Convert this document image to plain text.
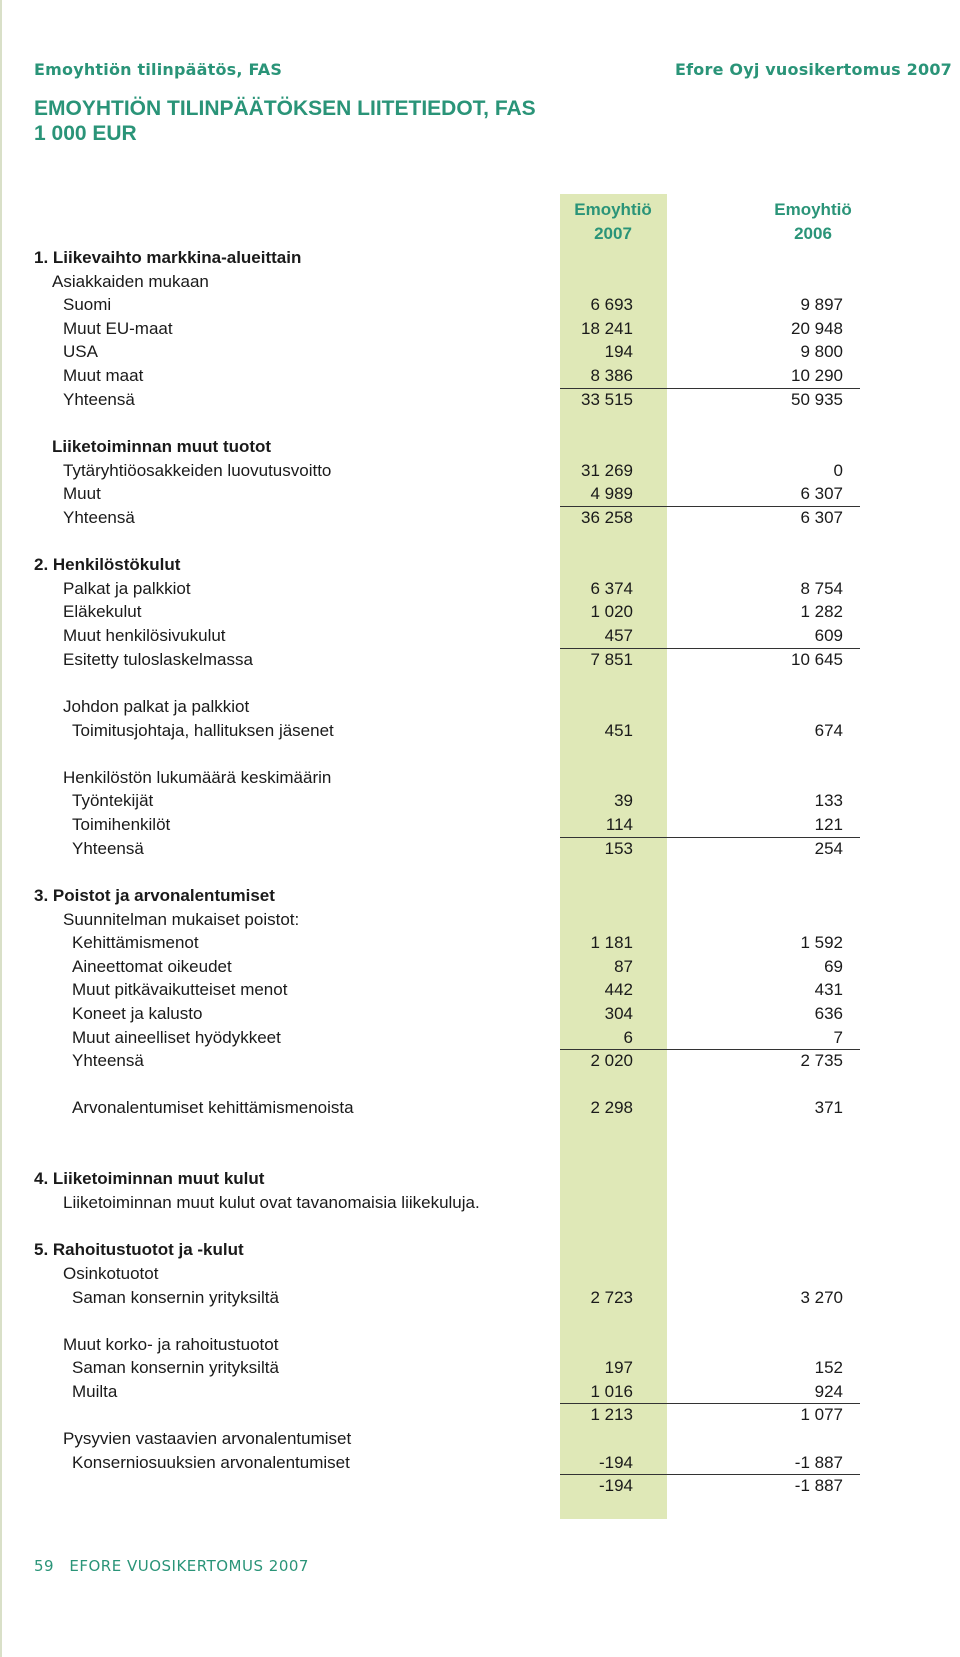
Emoyhtiön tilinpäätös, FAS	Efore Oyj vuosikertomus 2007
EMOYHTIÖN TILINPÄÄTÖKSEN LIITETIEDOT, FAS
1 000 EUR
Emoyhtiö
2007
Emoyhtiö
2006
1. Liikevaihto markkina-alueittain
Asiakkaiden mukaan
Suomi	6 693	9 897
Muut EU-maat	18 241	20 948
USA	194	9 800
Muut maat	8 386	10 290
Yhteensä	33 515	50 935
Liiketoiminnan muut tuotot
Tytäryhtiöosakkeiden luovutusvoitto	31 269	0
Muut	4 989	6 307
Yhteensä	36 258	6 307
2. Henkilöstökulut
Palkat ja palkkiot	6 374	8 754
Eläkekulut	1 020	1 282
Muut henkilösivukulut	457	609
Esitetty tuloslaskelmassa	7 851	10 645
Johdon palkat ja palkkiot
Toimitusjohtaja, hallituksen jäsenet	451	674
Henkilöstön lukumäärä keskimäärin
Työntekijät	39	133
Toimihenkilöt	114	121
Yhteensä	153	254
3. Poistot ja arvonalentumiset
Suunnitelman mukaiset poistot:
Kehittämismenot	1 181	1 592
Aineettomat oikeudet	87	69
Muut pitkävaikutteiset menot	442	431
Koneet ja kalusto	304	636
Muut aineelliset hyödykkeet	6	7
Yhteensä	2 020	2 735
Arvonalentumiset kehittämismenoista	2 298	371
4. Liiketoiminnan muut kulut
Liiketoiminnan muut kulut ovat tavanomaisia liikekuluja.
5. Rahoitustuotot ja -kulut
Osinkotuotot
Saman konsernin yrityksiltä	2 723	3 270
Muut korko- ja rahoitustuotot
Saman konsernin yrityksiltä	197	152
Muilta	1 016	924
1 213	1 077
Pysyvien vastaavien arvonalentumiset
Konserniosuuksien arvonalentumiset	-194	-1 887
-194	-1 887
59 EFORE VUOSIKERTOMUS 2007
